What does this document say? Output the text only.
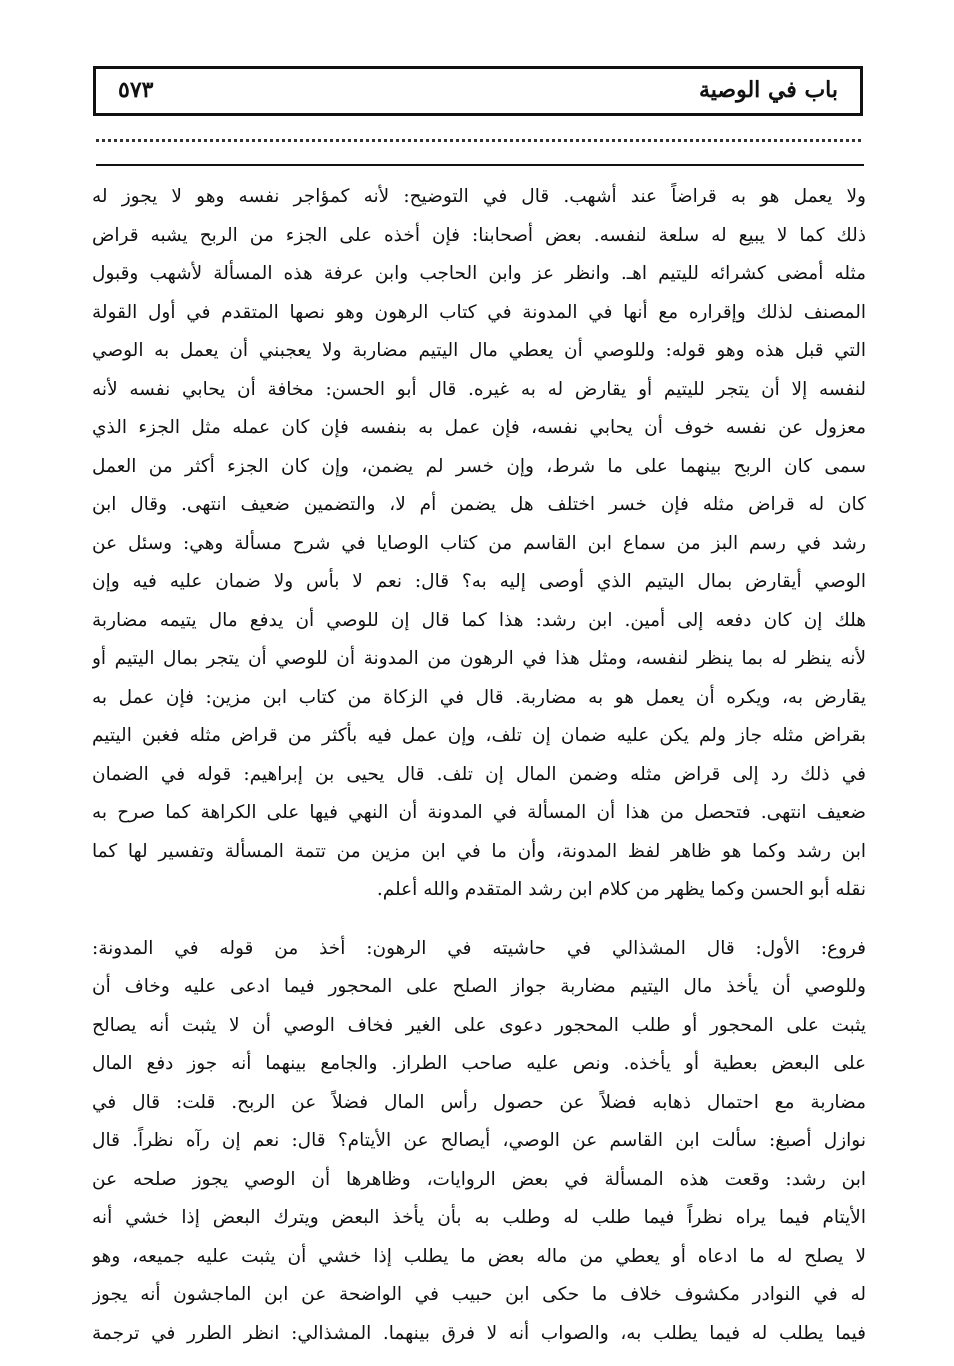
باب في الوصية
٥٧٣
ولا يعمل هو به قراضاً عند أشهب. قال في التوضيح: لأنه كمؤاجر نفسه وهو لا يجوز له
ذلك كما لا يبيع له سلعة لنفسه. بعض أصحابنا: فإن أخذه على الجزء من الربح يشبه قراض
مثله أمضى كشرائه لليتيم اهـ. وانظر عز وابن الحاجب وابن عرفة هذه المسألة لأشهب وقبول
المصنف لذلك وإقراره مع أنها في المدونة في كتاب الرهون وهو نصها المتقدم في أول القولة
التي قبل هذه وهو قوله: وللوصي أن يعطي مال اليتيم مضاربة ولا يعجبني أن يعمل به الوصي
لنفسه إلا أن يتجر لليتيم أو يقارض له به غيره. قال أبو الحسن: مخافة أن يحابي نفسه لأنه
معزول عن نفسه خوف أن يحابي نفسه، فإن عمل به بنفسه فإن كان عمله مثل الجزء الذي
سمى كان الربح بينهما على ما شرط، وإن خسر لم يضمن، وإن كان الجزء أكثر من العمل
كان له قراض مثله فإن خسر اختلف هل يضمن أم لا، والتضمين ضعيف انتهى. وقال ابن
رشد في رسم البز من سماع ابن القاسم من كتاب الوصايا في شرح مسألة وهي: وسئل عن
الوصي أيقارض بمال اليتيم الذي أوصى إليه به؟ قال: نعم لا بأس ولا ضمان عليه فيه وإن
هلك إن كان دفعه إلى أمين. ابن رشد: هذا كما قال إن للوصي أن يدفع مال يتيمه مضاربة
لأنه ينظر له بما ينظر لنفسه، ومثل هذا في الرهون من المدونة أن للوصي أن يتجر بمال اليتيم أو
يقارض به، ويكره أن يعمل هو به مضاربة. قال في الزكاة من كتاب ابن مزين: فإن عمل به
بقراض مثله جاز ولم يكن عليه ضمان إن تلف، وإن عمل فيه بأكثر من قراض مثله فغبن اليتيم
في ذلك رد إلى قراض مثله وضمن المال إن تلف. قال يحيى بن إبراهيم: قوله في الضمان
ضعيف انتهى. فتحصل من هذا أن المسألة في المدونة أن النهي فيها على الكراهة كما صرح به
ابن رشد وكما هو ظاهر لفظ المدونة، وأن ما في ابن مزين من تتمة المسألة وتفسير لها كما
نقله أبو الحسن وكما يظهر من كلام ابن رشد المتقدم والله أعلم.
فروع: الأول: قال المشذالي في حاشيته في الرهون: أخذ من قوله في المدونة:
وللوصي أن يأخذ مال اليتيم مضاربة جواز الصلح على المحجور فيما ادعى عليه وخاف أن
يثبت على المحجور أو طلب المحجور دعوى على الغير فخاف الوصي أن لا يثبت أنه يصالح
على البعض بعطية أو يأخذه. ونص عليه صاحب الطراز. والجامع بينهما أنه جوز دفع المال
مضاربة مع احتمال ذهابه فضلاً عن حصول رأس المال فضلاً عن الربح. قلت: قال في
نوازل أصبغ: سألت ابن القاسم عن الوصي، أيصالح عن الأيتام؟ قال: نعم إن رآه نظراً. قال
ابن رشد: وقعت هذه المسألة في بعض الروايات، وظاهرها أن الوصي يجوز صلحه عن
الأيتام فيما يراه نظراً فيما طلب له وطلب به بأن يأخذ البعض ويترك البعض إذا خشي أنه
لا يصلح له ما ادعاه أو يعطي من ماله بعض ما يطلب إذا خشي أن يثبت عليه جميعه، وهو
له في النوادر مكشوف خلاف ما حكى ابن حبيب في الواضحة عن ابن الماجشون أنه يجوز
فيما يطلب له فيما يطلب به، والصواب أنه لا فرق بينهما. المشذالي: انظر الطرر في ترجمة
